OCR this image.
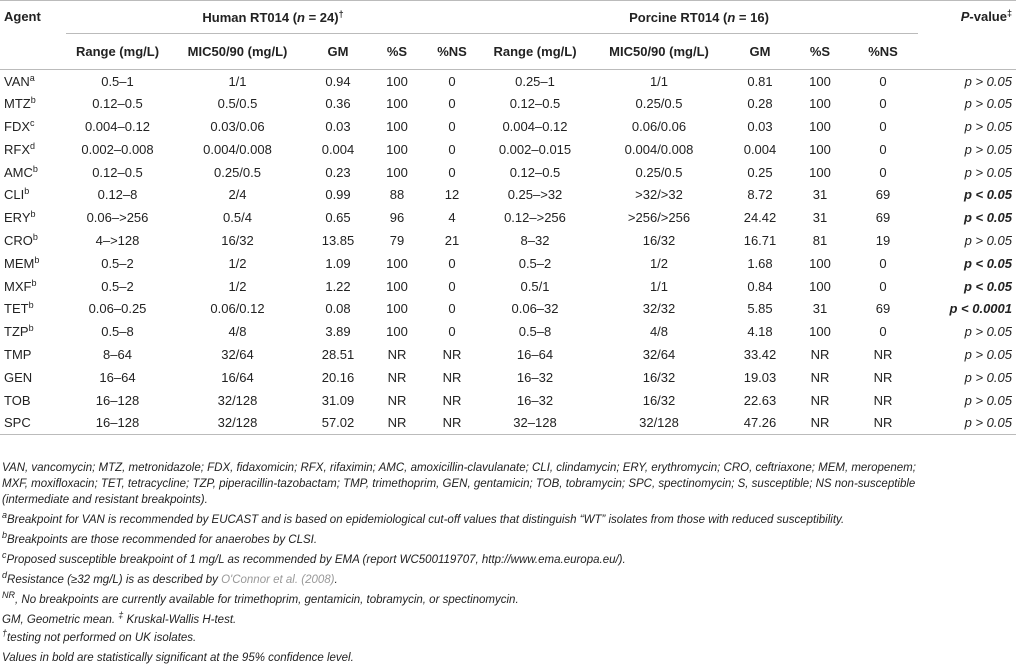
Agent	Human RT014 (n = 24)†					Porcine RT014 (n = 16)					P-value‡
	Range (mg/L)	MIC50/90 (mg/L)	GM	%S	%NS	Range (mg/L)	MIC50/90 (mg/L)	GM	%S	%NS	
VAN$^a$	0.5–1	1/1	0.94	100	0	0.25–1	1/1	0.81	100	0	p > 0.05
MTZ$^b$	0.12–0.5	0.5/0.5	0.36	100	0	0.12–0.5	0.25/0.5	0.28	100	0	p > 0.05
FDX$^c$	0.004–0.12	0.03/0.06	0.03	100	0	0.004–0.12	0.06/0.06	0.03	100	0	p > 0.05
RFX$^d$	0.002–0.008	0.004/0.008	0.004	100	0	0.002–0.015	0.004/0.008	0.004	100	0	p > 0.05
AMC$^b$	0.12–0.5	0.25/0.5	0.23	100	0	0.12–0.5	0.25/0.5	0.25	100	0	p > 0.05
CLI$^b$	0.12–8	2/4	0.99	88	12	0.25–>32	>32/>32	8.72	31	69	p < 0.05
ERY$^b$	0.06–>256	0.5/4	0.65	96	4	0.12–>256	>256/>256	24.42	31	69	p < 0.05
CRO$^b$	4–>128	16/32	13.85	79	21	8–32	16/32	16.71	81	19	p > 0.05
MEM$^b$	0.5–2	1/2	1.09	100	0	0.5–2	1/2	1.68	100	0	p < 0.05
MXF$^b$	0.5–2	1/2	1.22	100	0	0.5/1	1/1	0.84	100	0	p < 0.05
TET$^b$	0.06–0.25	0.06/0.12	0.08	100	0	0.06–32	32/32	5.85	31	69	p < 0.0001
TZP$^b$	0.5–8	4/8	3.89	100	0	0.5–8	4/8	4.18	100	0	p > 0.05
TMP	8–64	32/64	28.51	NR	NR	16–64	32/64	33.42	NR	NR	p > 0.05
GEN	16–64	16/64	20.16	NR	NR	16–32	16/32	19.03	NR	NR	p > 0.05
TOB	16–128	32/128	31.09	NR	NR	16–32	16/32	22.63	NR	NR	p > 0.05
SPC	16–128	32/128	57.02	NR	NR	32–128	32/128	47.26	NR	NR	p > 0.05
VAN, vancomycin; MTZ, metronidazole; FDX, fidaxomicin; RFX, rifaximin; AMC, amoxicillin-clavulanate; CLI, clindamycin; ERY, erythromycin; CRO, ceftriaxone; MEM, meropenem;
MXF, moxifloxacin; TET, tetracycline; TZP, piperacillin-tazobactam; TMP, trimethoprim, GEN, gentamicin; TOB, tobramycin; SPC, spectinomycin; S, susceptible; NS non-susceptible
(intermediate and resistant breakpoints).
$^a$Breakpoint for VAN is recommended by EUCAST and is based on epidemiological cut-off values that distinguish “WT” isolates from those with reduced susceptibility.
$^b$Breakpoints are those recommended for anaerobes by CLSI.
$^c$Proposed susceptible breakpoint of 1 mg/L as recommended by EMA (report WC500119707, http://www.ema.europa.eu/).
$^d$Resistance (≥32 mg/L) is as described by O'Connor et al. (2008).
$^{NR}$, No breakpoints are currently available for trimethoprim, gentamicin, tobramycin, or spectinomycin.
GM, Geometric mean. ‡ Kruskal-Wallis H-test.
†testing not performed on UK isolates.
Values in bold are statistically significant at the 95% confidence level.
